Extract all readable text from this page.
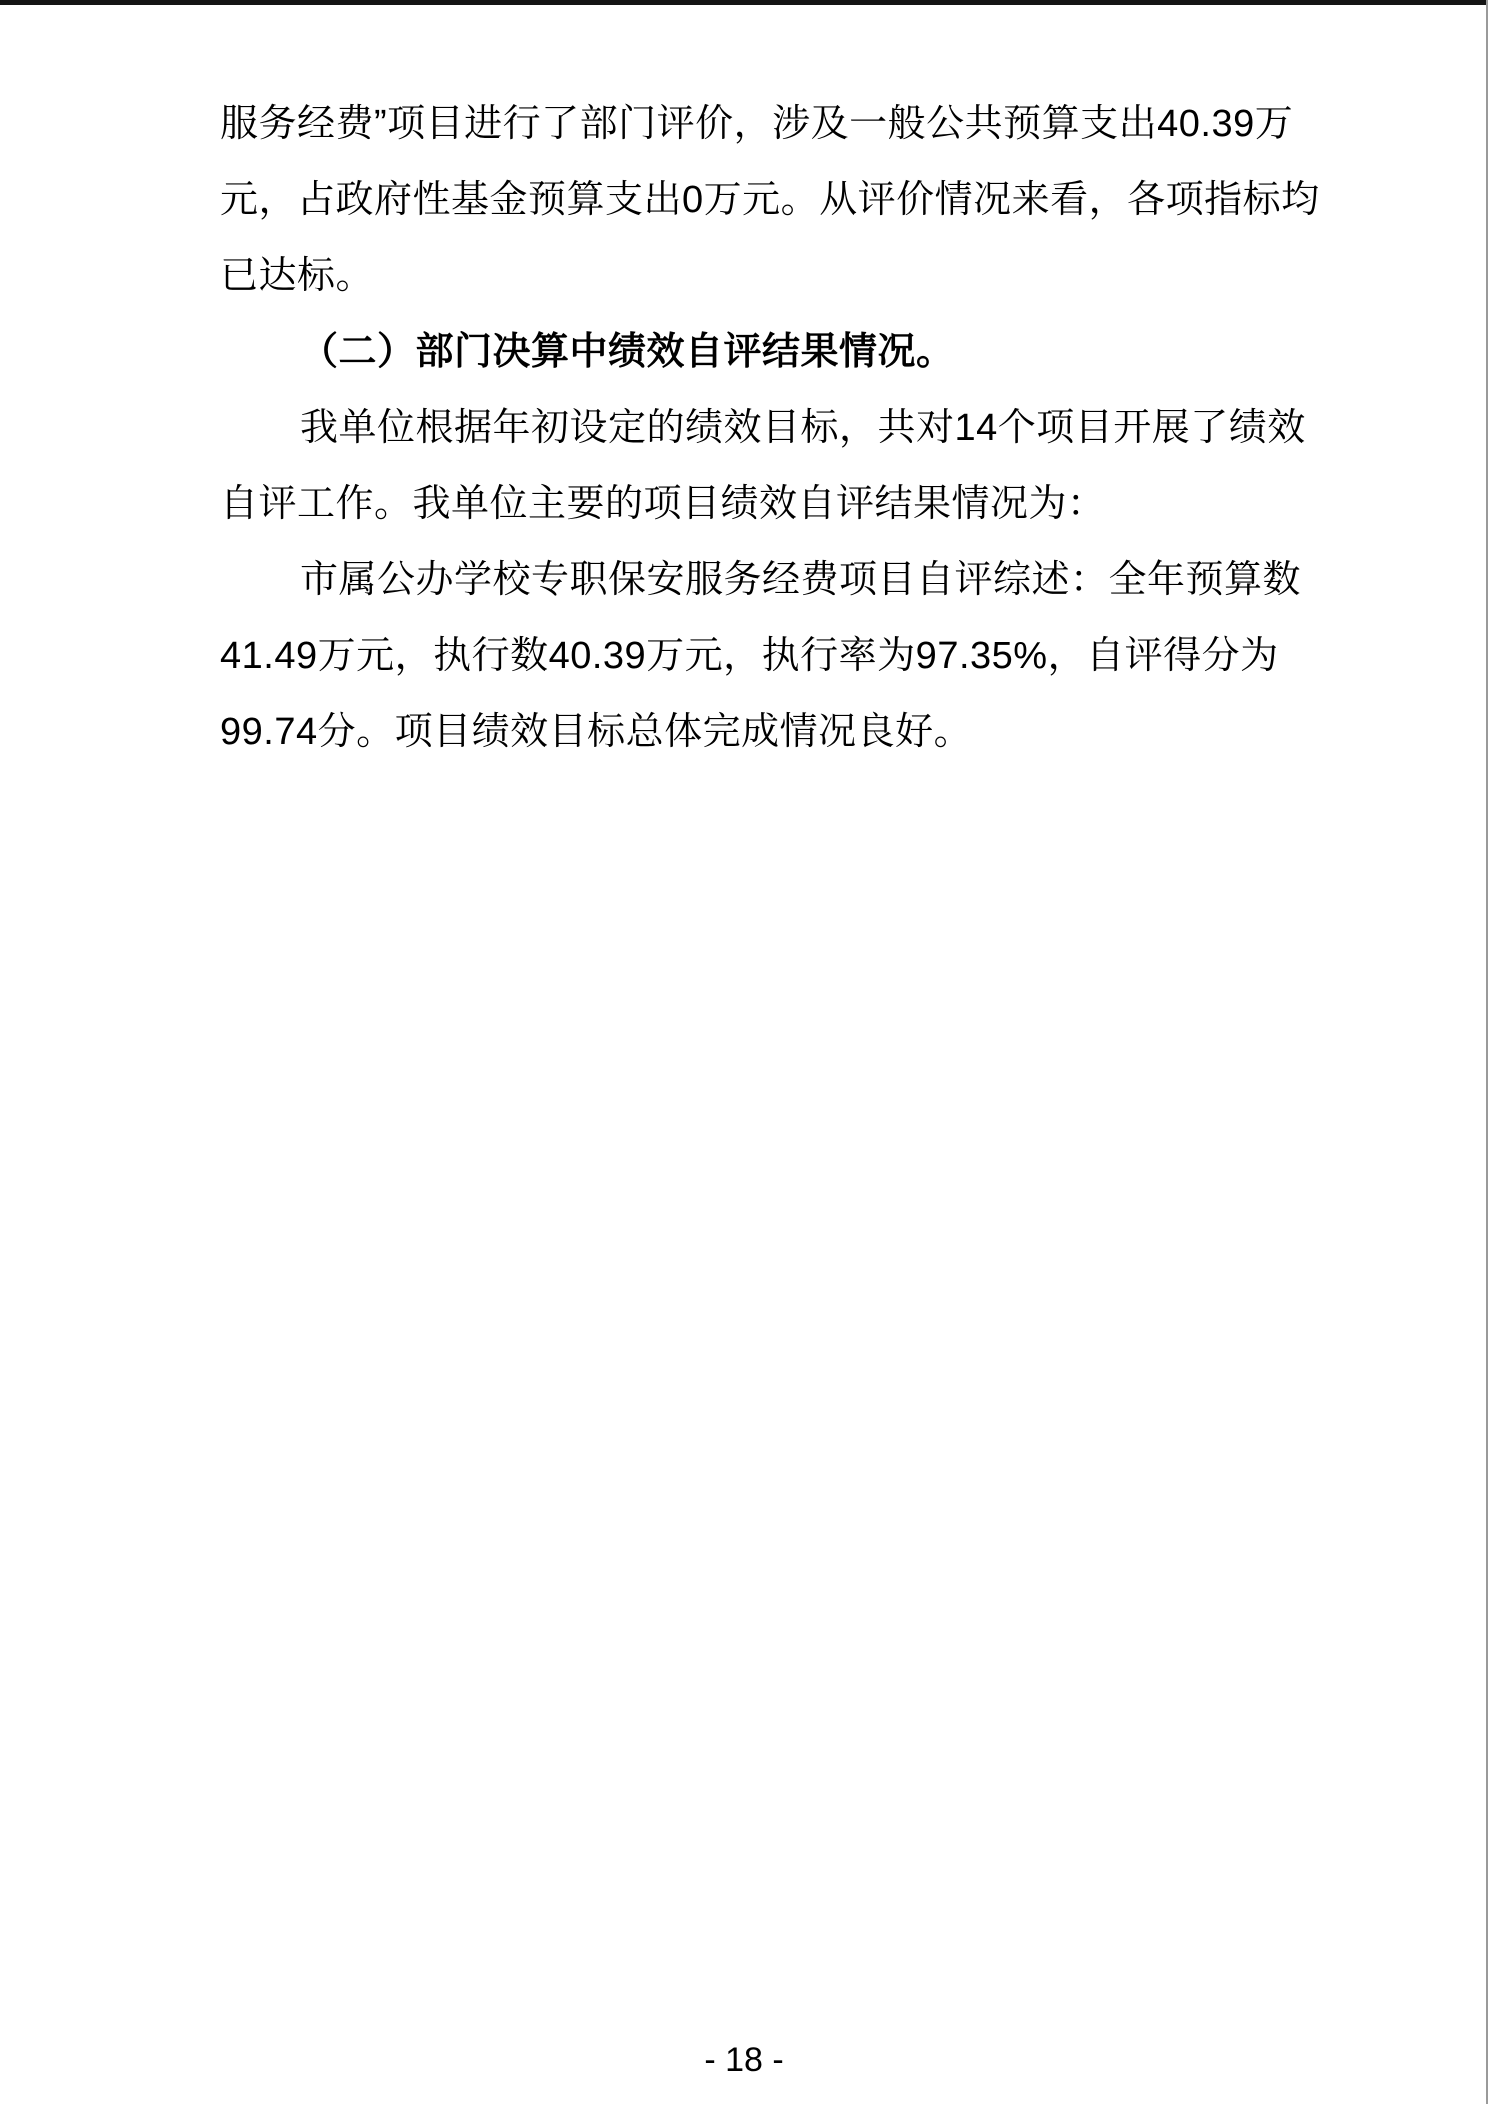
服务经费”项目进行了部门评价，涉及一般公共预算支出40.39万
元，占政府性基金预算支出0万元。从评价情况来看，各项指标均
已达标。
（二）部门决算中绩效自评结果情况。
我单位根据年初设定的绩效目标，共对14个项目开展了绩效
自评工作。我单位主要的项目绩效自评结果情况为：
市属公办学校专职保安服务经费项目自评综述：全年预算数
41.49万元，执行数40.39万元，执行率为97.35%，自评得分为
99.74分。项目绩效目标总体完成情况良好。
- 18 -
